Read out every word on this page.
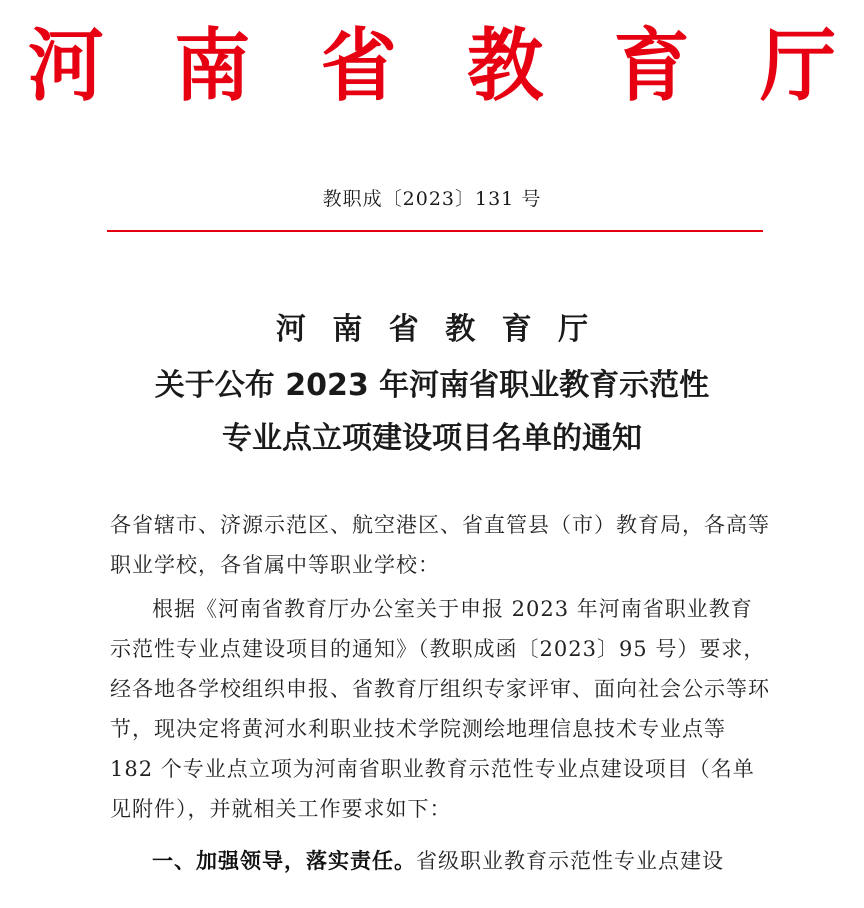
河 南 省 教 育 厅
教职成〔2023〕131 号
河 南 省 教 育 厅
关于公布 2023 年河南省职业教育示范性
专业点立项建设项目名单的通知
各省辖市、济源示范区、航空港区、省直管县（市）教育局，各高等职业学校，各省属中等职业学校：
根据《河南省教育厅办公室关于申报 2023 年河南省职业教育示范性专业点建设项目的通知》（教职成函〔2023〕95 号）要求，经各地各学校组织申报、省教育厅组织专家评审、面向社会公示等环节，现决定将黄河水利职业技术学院测绘地理信息技术专业点等 182 个专业点立项为河南省职业教育示范性专业点建设项目（名单见附件），并就相关工作要求如下：
一、加强领导，落实责任。省级职业教育示范性专业点建设
